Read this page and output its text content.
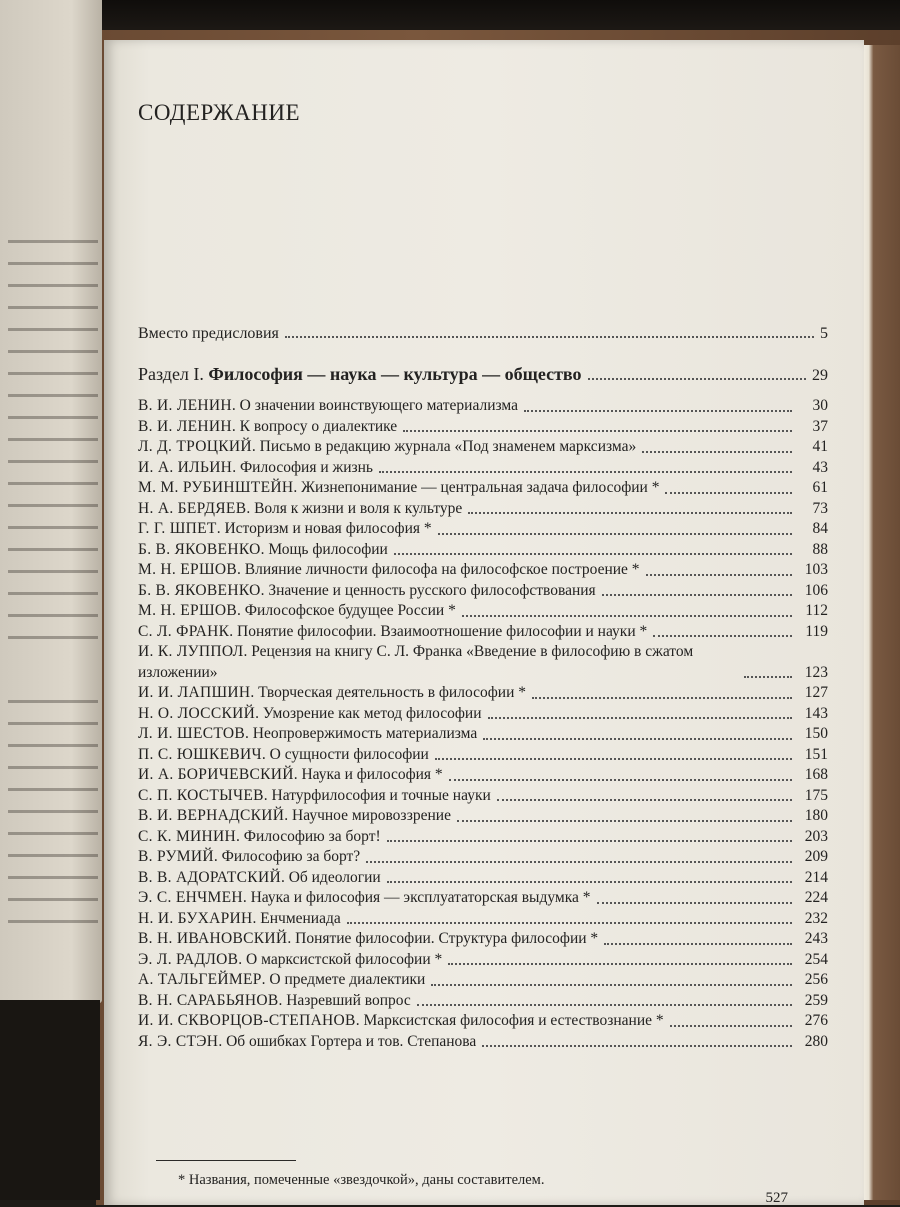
СОДЕРЖАНИЕ
Вместо предисловия	5
Раздел I. Философия — наука — культура — общество	29
В. И. ЛЕНИН. О значении воинствующего материализма	30
В. И. ЛЕНИН. К вопросу о диалектике	37
Л. Д. ТРОЦКИЙ. Письмо в редакцию журнала «Под знаменем марксизма»	41
И. А. ИЛЬИН. Философия и жизнь	43
М. М. РУБИНШТЕЙН. Жизнепонимание — центральная задача философии *	61
Н. А. БЕРДЯЕВ. Воля к жизни и воля к культуре	73
Г. Г. ШПЕТ. Историзм и новая философия *	84
Б. В. ЯКОВЕНКО. Мощь философии	88
М. Н. ЕРШОВ. Влияние личности философа на философское построение *	103
Б. В. ЯКОВЕНКО. Значение и ценность русского философствования	106
М. Н. ЕРШОВ. Философское будущее России *	112
С. Л. ФРАНК. Понятие философии. Взаимоотношение философии и науки *	119
И. К. ЛУППОЛ. Рецензия на книгу С. Л. Франка «Введение в философию в сжатом изложении»	123
И. И. ЛАПШИН. Творческая деятельность в философии *	127
Н. О. ЛОССКИЙ. Умозрение как метод философии	143
Л. И. ШЕСТОВ. Неопровержимость материализма	150
П. С. ЮШКЕВИЧ. О сущности философии	151
И. А. БОРИЧЕВСКИЙ. Наука и философия *	168
С. П. КОСТЫЧЕВ. Натурфилософия и точные науки	175
В. И. ВЕРНАДСКИЙ. Научное мировоззрение	180
С. К. МИНИН. Философию за борт!	203
В. РУМИЙ. Философию за борт?	209
В. В. АДОРАТСКИЙ. Об идеологии	214
Э. С. ЕНЧМЕН. Наука и философия — эксплуататорская выдумка *	224
Н. И. БУХАРИН. Енчмениада	232
В. Н. ИВАНОВСКИЙ. Понятие философии. Структура философии *	243
Э. Л. РАДЛОВ. О марксистской философии *	254
А. ТАЛЬГЕЙМЕР. О предмете диалектики	256
В. Н. САРАБЬЯНОВ. Назревший вопрос	259
И. И. СКВОРЦОВ-СТЕПАНОВ. Марксистская философия и естествознание *	276
Я. Э. СТЭН. Об ошибках Гортера и тов. Степанова	280
* Названия, помеченные «звездочкой», даны составителем.
527
